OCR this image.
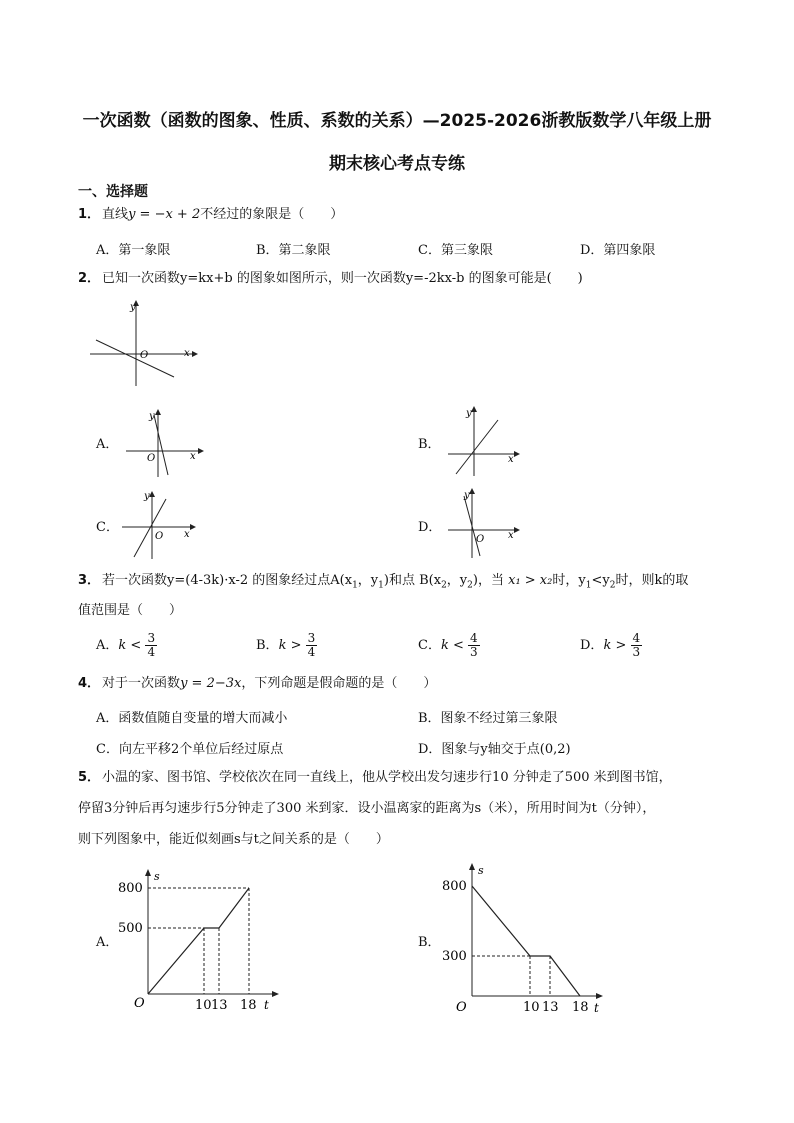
一次函数（函数的图象、性质、系数的关系）—2025-2026浙教版数学八年级上册
期末核心考点专练
一、选择题
1． 直线y = −x + 2不经过的象限是（　　）
A．第一象限	B．第二象限	C．第三象限	D．第四象限
2． 已知一次函数y=kx+b 的图象如图所示，则一次函数y=-2kx-b 的图象可能是(　　)
y
x
O
A．
y
x
O
B．
y
x
C．
y
x
O
D．
y
x
O
3． 若一次函数y=(4-3k)·x-2 的图象经过点$A(x_1$，$y_1$)和点 $B(x_2$，$y_2$)，当 x₁ > x₂时，$y_1<y_2$时，则k的取
值范围是（　　）
A．$k < \frac{3}{4}$	B．$k > \frac{3}{4}$	C．$k < \frac{4}{3}$	D．$k > \frac{4}{3}$
4． 对于一次函数y = 2−3x，下列命题是假命题的是（　　）
A．函数值随自变量的增大而减小	B．图象不经过第三象限
C．向左平移2个单位后经过原点	D．图象与y轴交于点(0,2)
5． 小温的家、图书馆、学校依次在同一直线上，他从学校出发匀速步行10 分钟走了500 米到图书馆，
停留3分钟后再匀速步行5分钟走了300 米到家．设小温离家的距离为s（米），所用时间为t（分钟），
则下列图象中，能近似刻画s与t之间关系的是（　　）
A．
800
500
10 13 18
s
t
O
B．
800
300
10 13 18
s
t
O
